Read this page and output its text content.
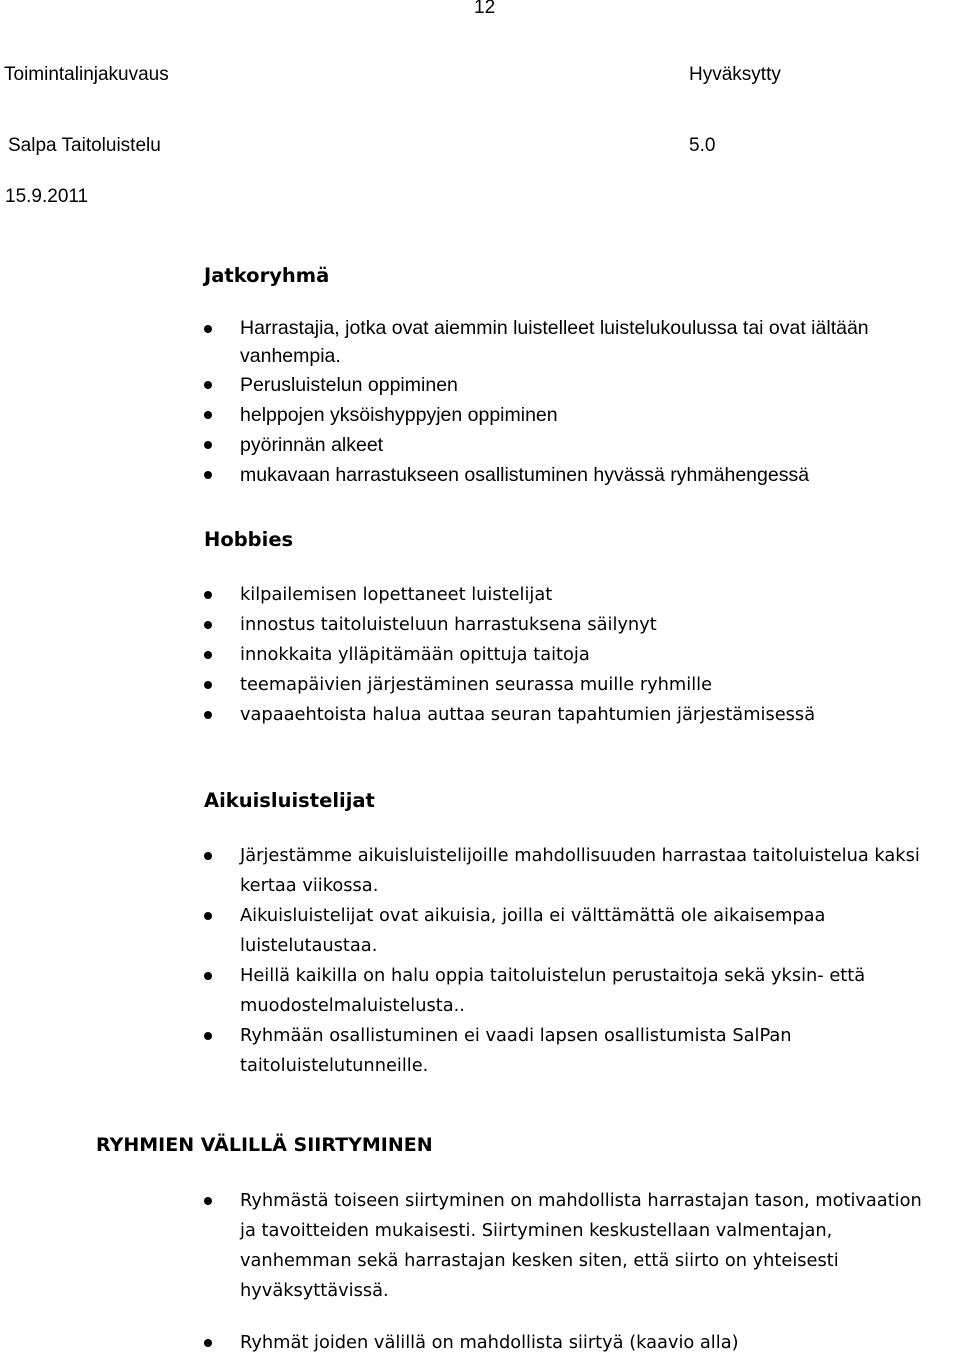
12
Toimintalinjakuvaus	Hyväksytty
Salpa Taitoluistelu	5.0
15.9.2011
Jatkoryhmä
Harrastajia, jotka ovat aiemmin luistelleet luistelukoulussa tai ovat iältään vanhempia.
Perusluistelun oppiminen
helppojen yksöishyppyjen oppiminen
pyörinnän alkeet
mukavaan harrastukseen osallistuminen hyvässä ryhmähengessä
Hobbies
kilpailemisen lopettaneet luistelijat
innostus taitoluisteluun harrastuksena säilynyt
innokkaita ylläpitämään opittuja taitoja
teemapäivien järjestäminen seurassa muille ryhmille
vapaaehtoista halua auttaa seuran tapahtumien järjestämisessä
Aikuisluistelijat
Järjestämme aikuisluistelijoille mahdollisuuden harrastaa taitoluistelua kaksi kertaa viikossa.
Aikuisluistelijat ovat aikuisia, joilla ei välttämättä ole aikaisempaa luistelutaustaa.
Heillä kaikilla on halu oppia taitoluistelun perustaitoja sekä yksin- että muodostelmaluistelusta..
Ryhmään osallistuminen ei vaadi lapsen osallistumista SalPan taitoluistelutunneille.
RYHMIEN VÄLILLÄ SIIRTYMINEN
Ryhmästä toiseen siirtyminen on mahdollista harrastajan tason, motivaation ja tavoitteiden mukaisesti. Siirtyminen keskustellaan valmentajan, vanhemman sekä harrastajan kesken siten, että siirto on yhteisesti hyväksyttävissä.
Ryhmät joiden välillä on mahdollista siirtyä (kaavio alla)
